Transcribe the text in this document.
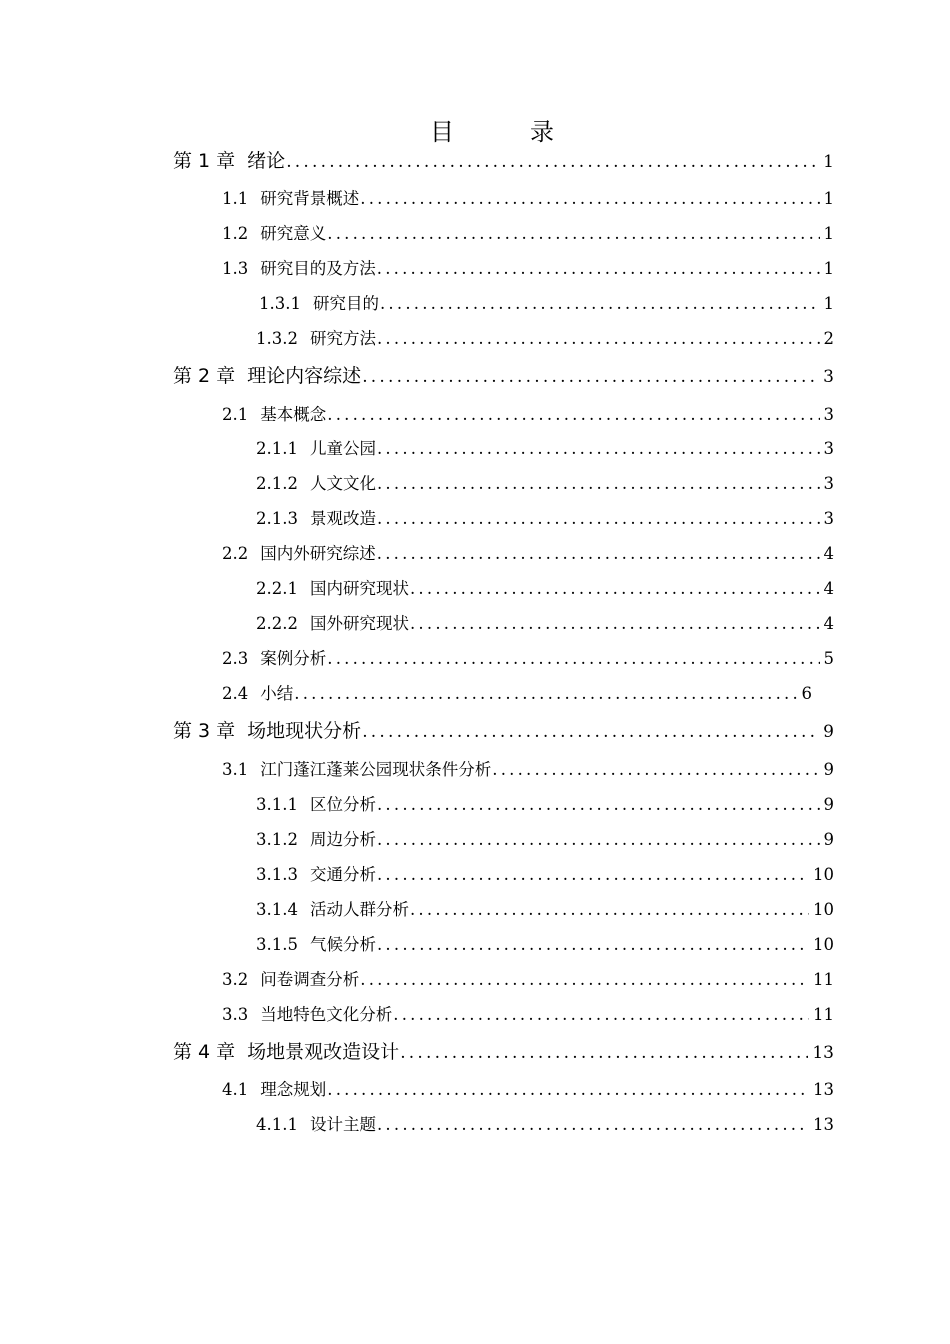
目　录
第 1 章 绪论 .....	1
1.1 研究背景概述 .....	1
1.2 研究意义 .....	1
1.3 研究目的及方法 .....	1
1.3.1 研究目的 .....	1
1.3.2 研究方法 .....	2
第 2 章 理论内容综述 .....	3
2.1 基本概念 .....	3
2.1.1 儿童公园 .....	3
2.1.2 人文文化 .....	3
2.1.3 景观改造 .....	3
2.2 国内外研究综述 .....	4
2.2.1 国内研究现状 .....	4
2.2.2 国外研究现状 .....	4
2.3 案例分析 .....	5
2.4 小结 .....	6
第 3 章 场地现状分析 .....	9
3.1 江门蓬江蓬莱公园现状条件分析 .....	9
3.1.1 区位分析 .....	9
3.1.2 周边分析 .....	9
3.1.3 交通分析 .....	10
3.1.4 活动人群分析 .....	10
3.1.5 气候分析 .....	10
3.2 问卷调查分析 .....	11
3.3 当地特色文化分析 .....	11
第 4 章 场地景观改造设计 .....	13
4.1 理念规划 .....	13
4.1.1 设计主题 .....	13
